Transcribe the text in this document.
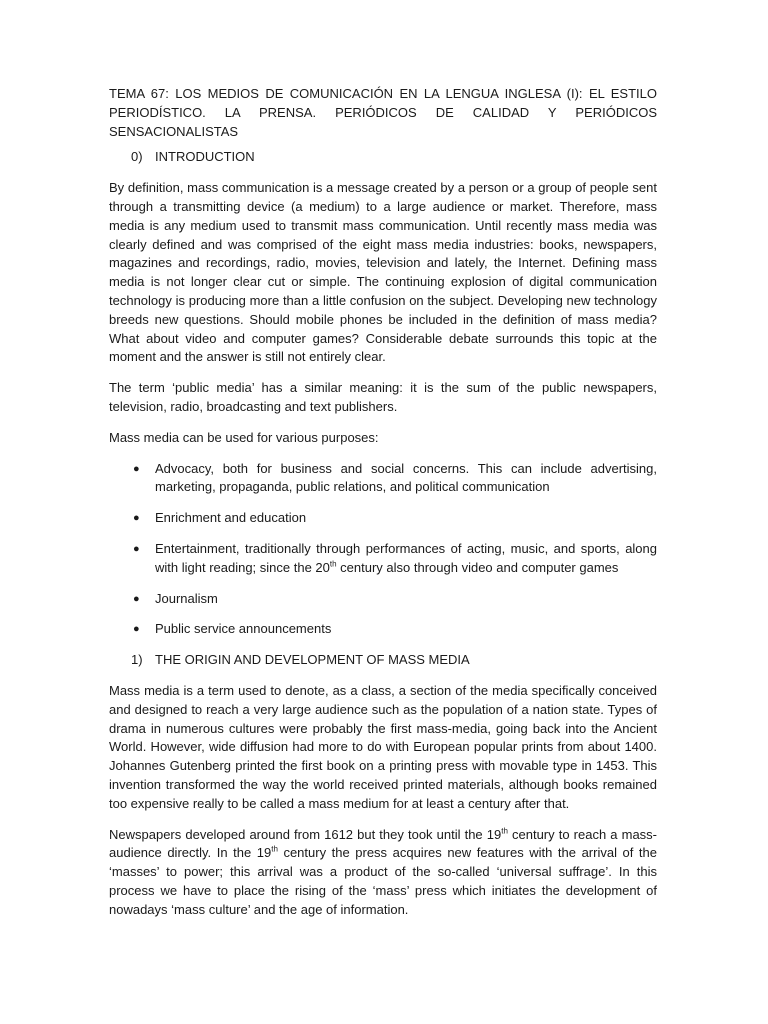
TEMA 67: LOS MEDIOS DE COMUNICACIÓN EN LA LENGUA INGLESA (I): EL ESTILO PERIODÍSTICO. LA PRENSA. PERIÓDICOS DE CALIDAD Y PERIÓDICOS SENSACIONALISTAS

0) INTRODUCTION

By definition, mass communication is a message created by a person or a group of people sent through a transmitting device (a medium) to a large audience or market. Therefore, mass media is any medium used to transmit mass communication. Until recently mass media was clearly defined and was comprised of the eight mass media industries: books, newspapers, magazines and recordings, radio, movies, television and lately, the Internet. Defining mass media is not longer clear cut or simple. The continuing explosion of digital communication technology is producing more than a little confusion on the subject. Developing new technology breeds new questions. Should mobile phones be included in the definition of mass media? What about video and computer games? Considerable debate surrounds this topic at the moment and the answer is still not entirely clear.

The term ‘public media’ has a similar meaning: it is the sum of the public newspapers, television, radio, broadcasting and text publishers.

Mass media can be used for various purposes:

●	Advocacy, both for business and social concerns. This can include advertising, marketing, propaganda, public relations, and political communication
●	Enrichment and education
●	Entertainment, traditionally through performances of acting, music, and sports, along with light reading; since the 20th century also through video and computer games
●	Journalism
●	Public service announcements
1) THE ORIGIN AND DEVELOPMENT OF MASS MEDIA

Mass media is a term used to denote, as a class, a section of the media specifically conceived and designed to reach a very large audience such as the population of a nation state. Types of drama in numerous cultures were probably the first mass-media, going back into the Ancient World. However, wide diffusion had more to do with European popular prints from about 1400. Johannes Gutenberg printed the first book on a printing press with movable type in 1453. This invention transformed the way the world received printed materials, although books remained too expensive really to be called a mass medium for at least a century after that.

Newspapers developed around from 1612 but they took until the 19th century to reach a mass-audience directly. In the 19th century the press acquires new features with the arrival of the ‘masses’ to power; this arrival was a product of the so-called ‘universal suffrage’. In this process we have to place the rising of the ‘mass’ press which initiates the development of nowadays ‘mass culture’ and the age of information.
